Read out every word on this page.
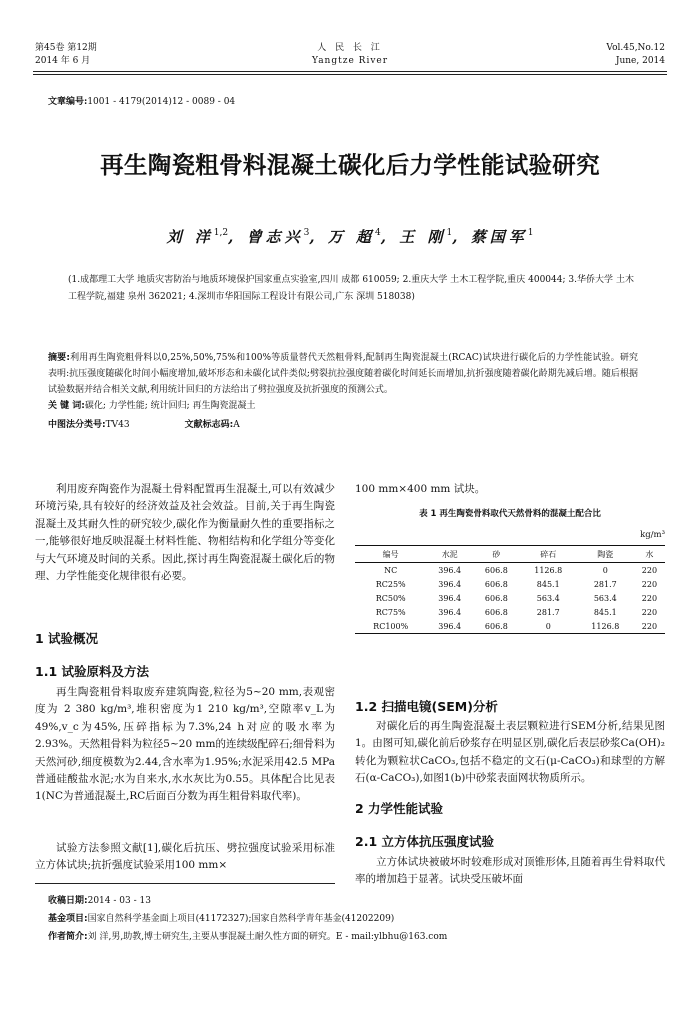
第45卷 第12期
2014 年 6 月
人 民 长 江
Yangtze River
Vol.45,No.12
June, 2014
文章编号:1001 - 4179(2014)12 - 0089 - 04
再生陶瓷粗骨料混凝土碳化后力学性能试验研究
刘 洋$^{1,2}$, 曾志兴$^3$, 万 超$^4$, 王 刚$^1$, 蔡国军$^1$
(1.成都理工大学 地质灾害防治与地质环境保护国家重点实验室,四川 成都 610059; 2.重庆大学 土木工程学院,重庆 400044; 3.华侨大学 土木工程学院,福建 泉州 362021; 4.深圳市华阳国际工程设计有限公司,广东 深圳 518038)
摘要:利用再生陶瓷粗骨料以0,25%,50%,75%和100%等质量替代天然粗骨料,配制再生陶瓷混凝土(RCAC)试块进行碳化后的力学性能试验。研究表明:抗压强度随碳化时间小幅度增加,破坏形态和未碳化试件类似;劈裂抗拉强度随着碳化时间延长而增加,抗折强度随着碳化龄期先减后增。随后根据试验数据并结合相关文献,利用统计回归的方法给出了劈拉强度及抗折强度的预测公式。
关 键 词:碳化; 力学性能; 统计回归; 再生陶瓷混凝土
中图法分类号:TV43	文献标志码:A

利用废弃陶瓷作为混凝土骨料配置再生混凝土,可以有效减少环境污染,具有较好的经济效益及社会效益。目前,关于再生陶瓷混凝土及其耐久性的研究较少,碳化作为衡量耐久性的重要指标之一,能够很好地反映混凝土材料性能、物相结构和化学组分等变化与大气环境及时间的关系。因此,探讨再生陶瓷混凝土碳化后的物理、力学性能变化规律很有必要。

1 试验概况
1.1 试验原料及方法

再生陶瓷粗骨料取废弃建筑陶瓷,粒径为5~20 mm,表观密度为 2 380 kg/m³,堆积密度为1 210 kg/m³,空隙率v_L为49%,v_c为45%,压碎指标为7.3%,24 h对应的吸水率为2.93%。天然粗骨料为粒径5~20 mm的连续级配碎石;细骨料为天然河砂,细度模数为2.44,含水率为1.95%;水泥采用42.5 MPa普通硅酸盐水泥;水为自来水,水水灰比为0.55。具体配合比见表1(NC为普通混凝土,RC后面百分数为再生粗骨料取代率)。

试验方法参照文献[1],碳化后抗压、劈拉强度试验采用标准立方体试块;抗折强度试验采用100 mm×

100 mm×400 mm 试块。
表 1 再生陶瓷骨料取代天然骨料的混凝土配合比
kg/m³
编号	水泥	砂	碎石	陶瓷	水
NC	396.4	606.8	1126.8	0	220
RC25%	396.4	606.8	845.1	281.7	220
RC50%	396.4	606.8	563.4	563.4	220
RC75%	396.4	606.8	281.7	845.1	220
RC100%	396.4	606.8	0	1126.8	220
1.2 扫描电镜(SEM)分析

对碳化后的再生陶瓷混凝土表层颗粒进行SEM分析,结果见图1。由图可知,碳化前后砂浆存在明显区别,碳化后表层砂浆Ca(OH)₂转化为颗粒状CaCO₃,包括不稳定的文石(μ-CaCO₃)和球型的方解石(α-CaCO₃),如图1(b)中砂浆表面网状物质所示。

2 力学性能试验
2.1 立方体抗压强度试验

立方体试块被破坏时较难形成对顶锥形体,且随着再生骨料取代率的增加趋于显著。试块受压破坏面

收稿日期:2014 - 03 - 13
基金项目:国家自然科学基金面上项目(41172327);国家自然科学青年基金(41202209)
作者简介:刘 洋,男,助教,博士研究生,主要从事混凝土耐久性方面的研究。E - mail:ylbhu@163.com
